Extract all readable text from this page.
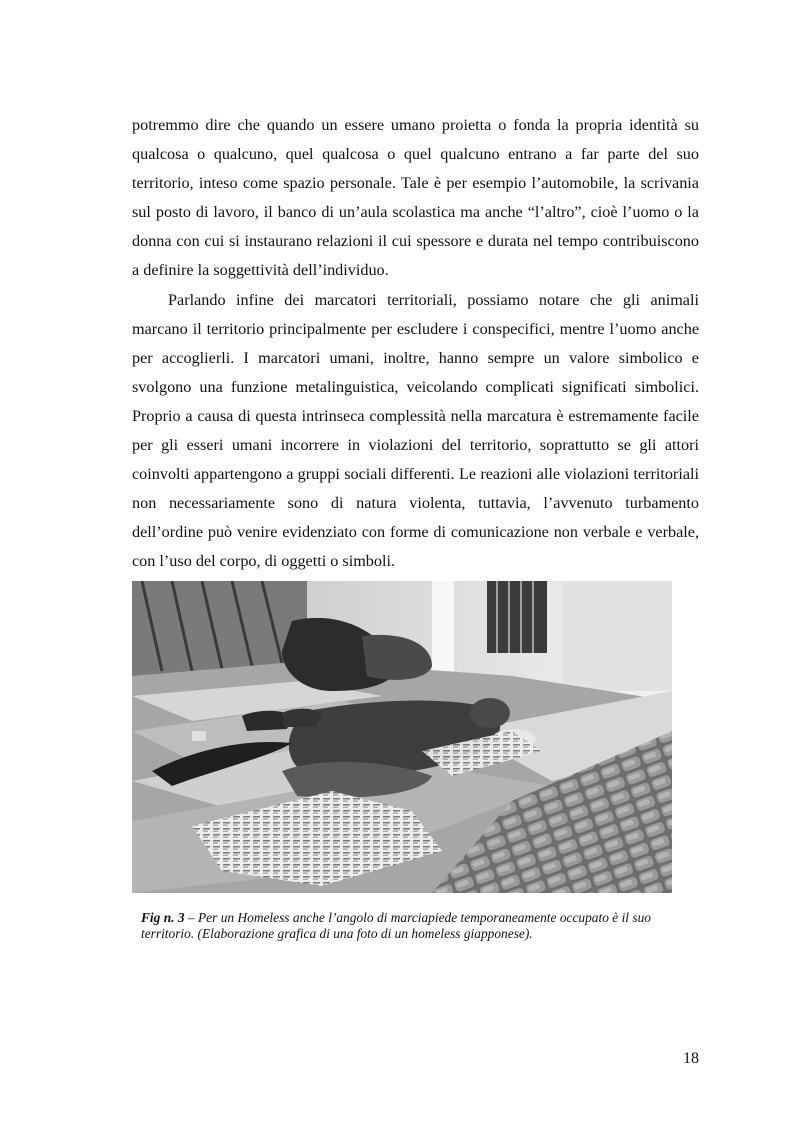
potremmo dire che quando un essere umano proietta o fonda la propria identità su qualcosa o qualcuno, quel qualcosa o quel qualcuno entrano a far parte del suo territorio, inteso come spazio personale. Tale è per esempio l’automobile, la scrivania sul posto di lavoro, il banco di un’aula scolastica ma anche “l’altro”, cioè l’uomo o la donna con cui si instaurano relazioni il cui spessore e durata nel tempo contribuiscono a definire la soggettività dell’individuo.

Parlando infine dei marcatori territoriali, possiamo notare che gli animali marcano il territorio principalmente per escludere i conspecifici, mentre l’uomo anche per accoglierli. I marcatori umani, inoltre, hanno sempre un valore simbolico e svolgono una funzione metalinguistica, veicolando complicati significati simbolici. Proprio a causa di questa intrinseca complessità nella marcatura è estremamente facile per gli esseri umani incorrere in violazioni del territorio, soprattutto se gli attori coinvolti appartengono a gruppi sociali differenti. Le reazioni alle violazioni territoriali non necessariamente sono di natura violenta, tuttavia, l’avvenuto turbamento dell’ordine può venire evidenziato con forme di comunicazione non verbale e verbale, con l’uso del corpo, di oggetti o simboli.

Fig n. 3 – Per un Homeless anche l’angolo di marciapiede temporaneamente occupato è il suo territorio. (Elaborazione grafica di una foto di un homeless giapponese).
18
